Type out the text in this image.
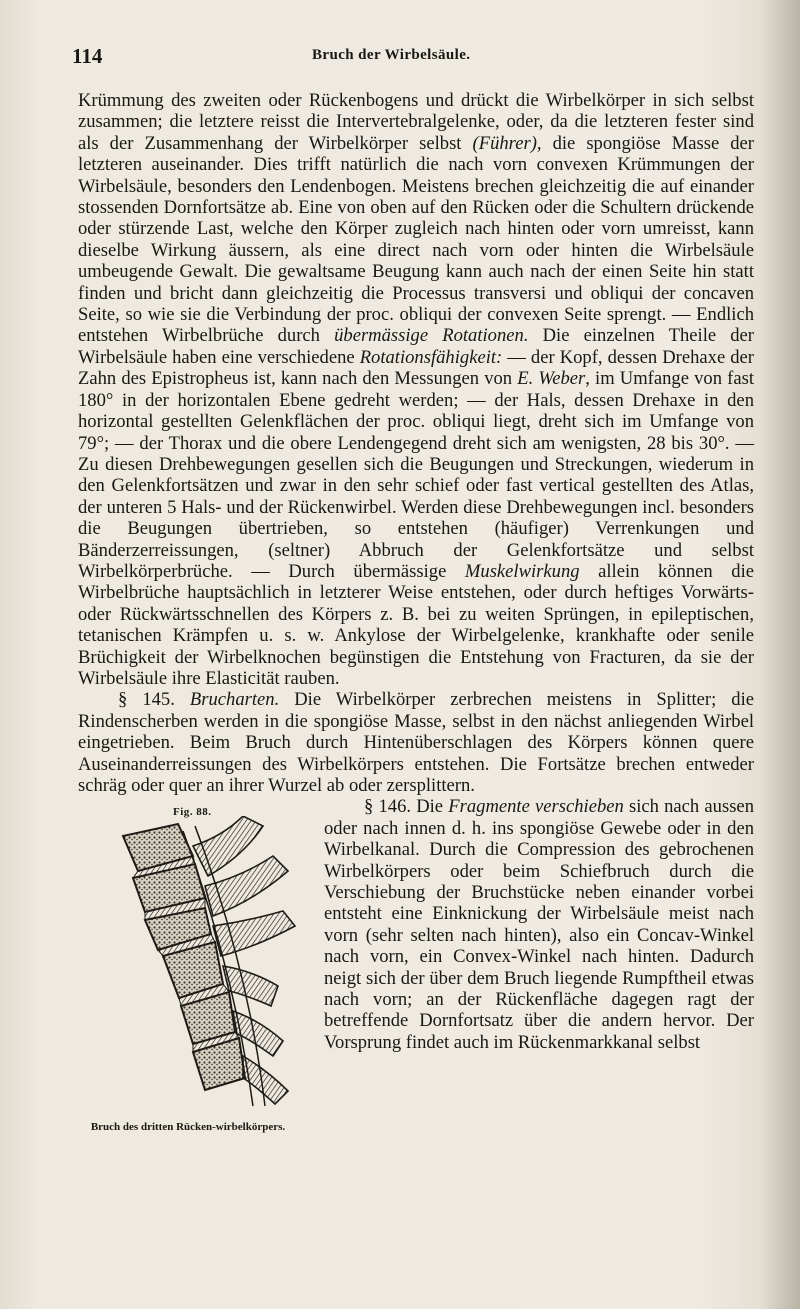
114	Bruch der Wirbelsäule.

Krümmung des zweiten oder Rückenbogens und drückt die Wirbelkörper in sich selbst zusammen; die letztere reisst die Intervertebralgelenke, oder, da die letzteren fester sind als der Zusammenhang der Wirbelkörper selbst (Führer), die spongiöse Masse der letzteren auseinander. Dies trifft natürlich die nach vorn convexen Krümmungen der Wirbelsäule, besonders den Lendenbogen. Meistens brechen gleichzeitig die auf einander stossenden Dornfortsätze ab. Eine von oben auf den Rücken oder die Schultern drückende oder stürzende Last, welche den Körper zugleich nach hinten oder vorn umreisst, kann dieselbe Wirkung äussern, als eine direct nach vorn oder hinten die Wirbelsäule umbeugende Gewalt. Die gewaltsame Beugung kann auch nach der einen Seite hin statt finden und bricht dann gleichzeitig die Processus transversi und obliqui der concaven Seite, so wie sie die Verbindung der proc. obliqui der convexen Seite sprengt. — Endlich entstehen Wirbelbrüche durch übermässige Rotationen. Die einzelnen Theile der Wirbelsäule haben eine verschiedene Rotationsfähigkeit: — der Kopf, dessen Drehaxe der Zahn des Epistropheus ist, kann nach den Messungen von E. Weber, im Umfange von fast 180° in der horizontalen Ebene gedreht werden; — der Hals, dessen Drehaxe in den horizontal gestellten Gelenkflächen der proc. obliqui liegt, dreht sich im Umfange von 79°; — der Thorax und die obere Lendengegend dreht sich am wenigsten, 28 bis 30°. — Zu diesen Drehbewegungen gesellen sich die Beugungen und Streckungen, wiederum in den Gelenkfortsätzen und zwar in den sehr schief oder fast vertical gestellten des Atlas, der unteren 5 Hals- und der Rückenwirbel. Werden diese Drehbewegungen incl. besonders die Beugungen übertrieben, so entstehen (häufiger) Verrenkungen und Bänderzerreissungen, (seltner) Abbruch der Gelenkfortsätze und selbst Wirbelkörperbrüche. — Durch übermässige Muskelwirkung allein können die Wirbelbrüche hauptsächlich in letzterer Weise entstehen, oder durch heftiges Vorwärts- oder Rückwärtsschnellen des Körpers z. B. bei zu weiten Sprüngen, in epileptischen, tetanischen Krämpfen u. s. w. Ankylose der Wirbelgelenke, krankhafte oder senile Brüchigkeit der Wirbelknochen begünstigen die Entstehung von Fracturen, da sie der Wirbelsäule ihre Elasticität rauben.

§ 145. Brucharten. Die Wirbelkörper zerbrechen meistens in Splitter; die Rindenscherben werden in die spongiöse Masse, selbst in den nächst anliegenden Wirbel eingetrieben. Beim Bruch durch Hintenüberschlagen des Körpers können quere Auseinanderreissungen des Wirbelkörpers entstehen. Die Fortsätze brechen entweder schräg oder quer an ihrer Wurzel ab oder zersplittern.

Fig. 88.
Bruch des dritten Rücken-wirbelkörpers.

§ 146. Die Fragmente verschieben sich nach aussen oder nach innen d. h. ins spongiöse Gewebe oder in den Wirbelkanal. Durch die Compression des gebrochenen Wirbelkörpers oder beim Schiefbruch durch die Verschiebung der Bruchstücke neben einander vorbei entsteht eine Einknickung der Wirbelsäule meist nach vorn (sehr selten nach hinten), also ein Concav-Winkel nach vorn, ein Convex-Winkel nach hinten. Dadurch neigt sich der über dem Bruch liegende Rumpftheil etwas nach vorn; an der Rückenfläche dagegen ragt der betreffende Dornfortsatz über die andern hervor. Der Vorsprung findet auch im Rückenmarkkanal selbst
